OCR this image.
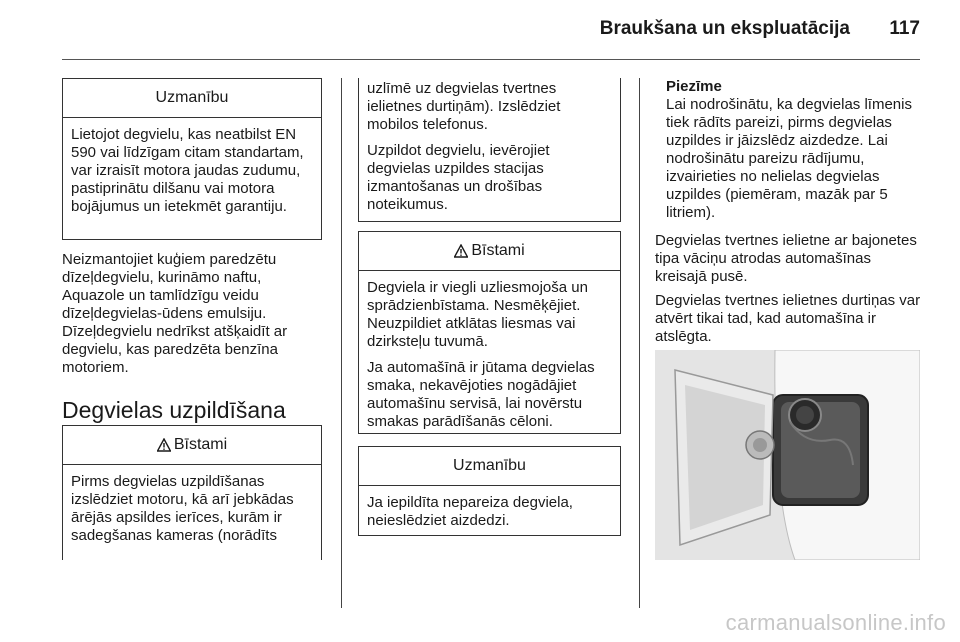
Braukšana un ekspluatācija 117
Uzmanību

Lietojot degvielu, kas neatbilst EN 590 vai līdzīgam citam standartam, var izraisīt motora jaudas zudumu, pastiprinātu dilšanu vai motora bojājumus un ietekmēt garantiju.

Neizmantojiet kuģiem paredzētu dīzeļdegvielu, kurināmo naftu, Aquazole un tamlīdzīgu veidu dīzeļdegvielas-ūdens emulsiju. Dīzeļdegvielu nedrīkst atšķaidīt ar degvielu, kas paredzēta benzīna motoriem.

Degvielas uzpildīšana
Bīstami

Pirms degvielas uzpildīšanas izslēdziet motoru, kā arī jebkādas ārējās apsildes ierīces, kurām ir sadegšanas kameras (norādīts

uzlīmē uz degvielas tvertnes ielietnes durtiņām). Izslēdziet mobilos telefonus.

Uzpildot degvielu, ievērojiet degvielas uzpildes stacijas izmantošanas un drošības noteikumus.

Bīstami

Degviela ir viegli uzliesmojoša un sprādzienbīstama. Nesmēķējiet. Neuzpildiet atklātas liesmas vai dzirksteļu tuvumā.

Ja automašīnā ir jūtama degvielas smaka, nekavējoties nogādājiet automašīnu servisā, lai novērstu smakas parādīšanās cēloni.

Uzmanību

Ja iepildīta nepareiza degviela, neieslēdziet aizdedzi.

Piezīme
Lai nodrošinātu, ka degvielas līmenis tiek rādīts pareizi, pirms degvielas uzpildes ir jāizslēdz aizdedze. Lai nodrošinātu pareizu rādījumu, izvairieties no nelielas degvielas uzpildes (piemēram, mazāk par 5 litriem).

Degvielas tvertnes ielietne ar bajonetes tipa vāciņu atrodas automašīnas kreisajā pusē.

Degvielas tvertnes ielietnes durtiņas var atvērt tikai tad, kad automašīna ir atslēgta.

carmanualsonline.info
